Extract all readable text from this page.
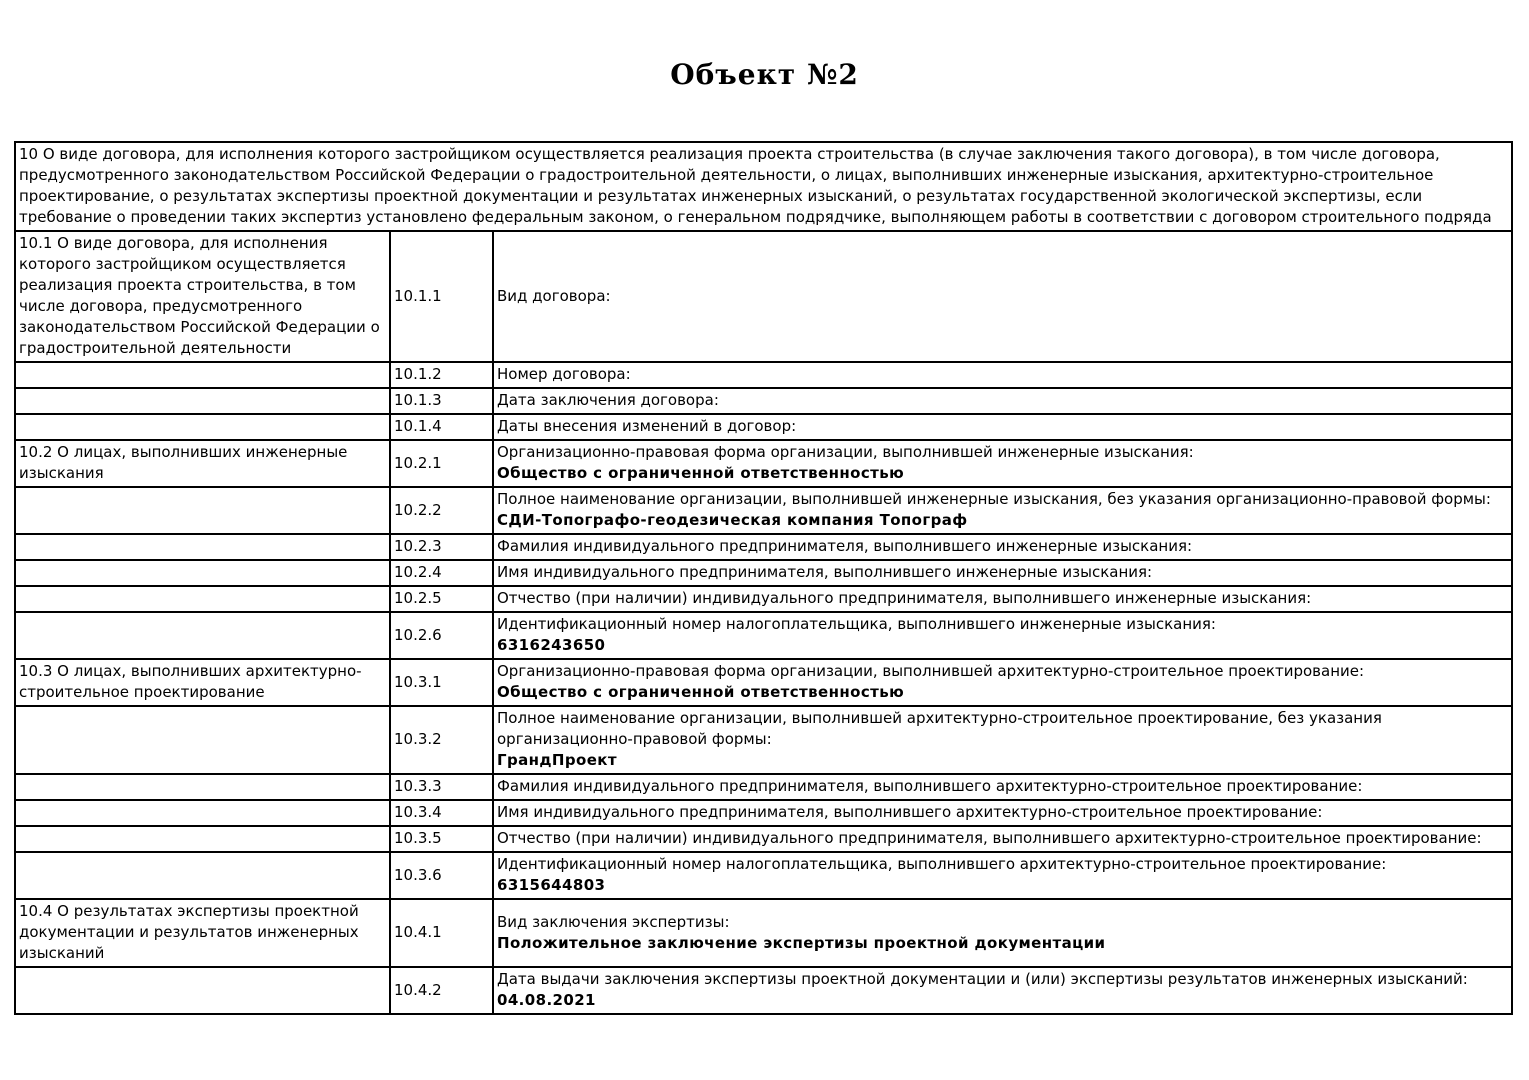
Объект №2
10 О виде договора, для исполнения которого застройщиком осуществляется реализация проекта строительства (в случае заключения такого договора), в том числе договора, предусмотренного законодательством Российской Федерации о градостроительной деятельности, о лицах, выполнивших инженерные изыскания, архитектурно-строительное проектирование, о результатах экспертизы проектной документации и результатах инженерных изысканий, о результатах государственной экологической экспертизы, если требование о проведении таких экспертиз установлено федеральным законом, о генеральном подрядчике, выполняющем работы в соответствии с договором строительного подряда		
10.1 О виде договора, для исполнения которого застройщиком осуществляется реализация проекта строительства, в том числе договора, предусмотренного законодательством Российской Федерации о градостроительной деятельности	10.1.1	Вид договора:

	10.1.2	Номер договора:

	10.1.3	Дата заключения договора:

	10.1.4	Даты внесения изменений в договор:

10.2 О лицах, выполнивших инженерные изыскания	10.2.1	Организационно-правовая форма организации, выполнившей инженерные изыскания:
Общество с ограниченной ответственностью

	10.2.2	Полное наименование организации, выполнившей инженерные изыскания, без указания организационно-правовой формы:
СДИ-Топографо-геодезическая компания Топограф

	10.2.3	Фамилия индивидуального предпринимателя, выполнившего инженерные изыскания:

	10.2.4	Имя индивидуального предпринимателя, выполнившего инженерные изыскания:

	10.2.5	Отчество (при наличии) индивидуального предпринимателя, выполнившего инженерные изыскания:

	10.2.6	Идентификационный номер налогоплательщика, выполнившего инженерные изыскания:
6316243650

10.3 О лицах, выполнивших архитектурно-строительное проектирование	10.3.1	Организационно-правовая форма организации, выполнившей архитектурно-строительное проектирование:
Общество с ограниченной ответственностью

	10.3.2	Полное наименование организации, выполнившей архитектурно-строительное проектирование, без указания организационно-правовой формы:
ГрандПроект

	10.3.3	Фамилия индивидуального предпринимателя, выполнившего архитектурно-строительное проектирование:

	10.3.4	Имя индивидуального предпринимателя, выполнившего архитектурно-строительное проектирование:

	10.3.5	Отчество (при наличии) индивидуального предпринимателя, выполнившего архитектурно-строительное проектирование:

	10.3.6	Идентификационный номер налогоплательщика, выполнившего архитектурно-строительное проектирование:
6315644803

10.4 О результатах экспертизы проектной документации и результатов инженерных изысканий	10.4.1	Вид заключения экспертизы:
Положительное заключение экспертизы проектной документации

	10.4.2	Дата выдачи заключения экспертизы проектной документации и (или) экспертизы результатов инженерных изысканий:
04.08.2021
